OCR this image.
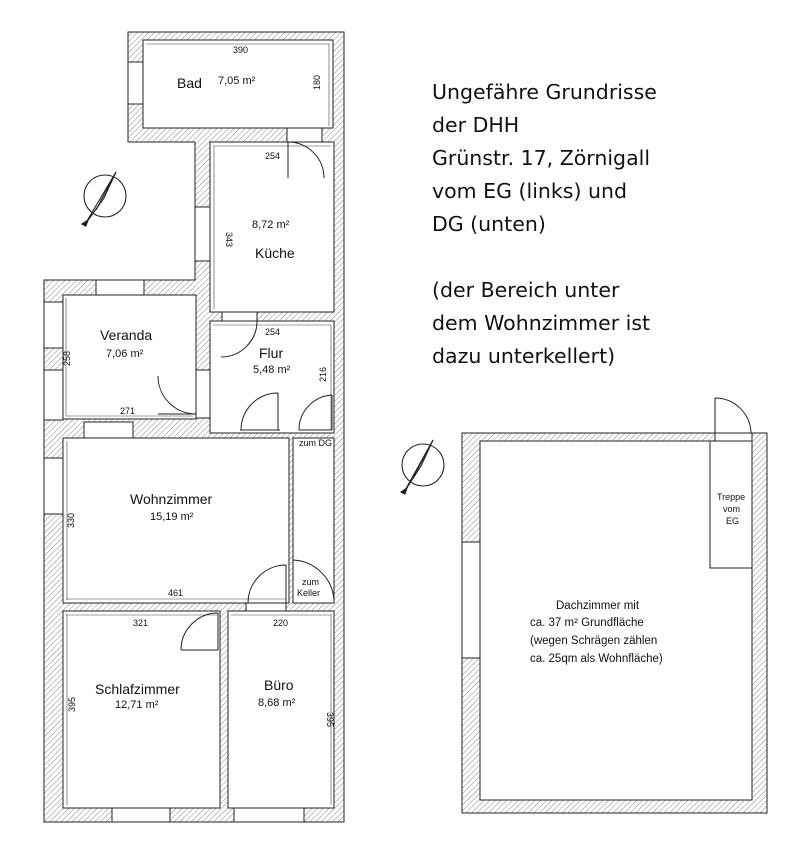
Bad 7,05 m²
390
180
8,72 m²
Küche
254
343
Veranda
7,06 m²
271
258	Flur
5,48 m²
254
216
zum DG
zum
Keller
Wohnzimmer
15,19 m²
461
330
Schlafzimmer
12,71 m²
321
395
Büro
8,68 m²
220
395
Treppe
vom
EG
Dachzimmer mit
ca. 37 m² Grundfläche
(wegen Schrägen zählen
ca. 25qm als Wohnfläche)
Ungefähre Grundrisse
der DHH
Grünstr. 17, Zörnigall
vom EG (links) und
DG (unten)
(der Bereich unter
dem Wohnzimmer ist
dazu unterkellert)
